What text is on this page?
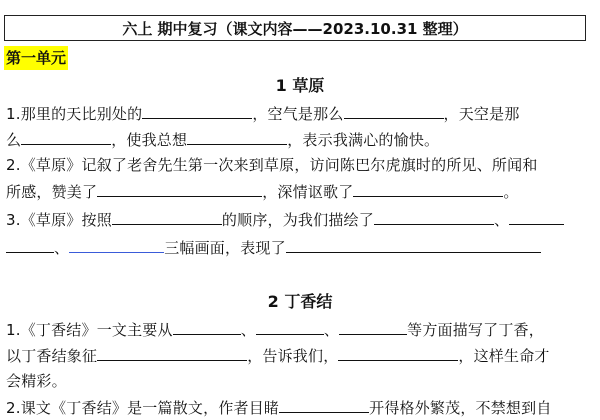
六上 期中复习（课文内容——2023.10.31 整理）
第一单元
1 草原
1.那里的天比别处的	，空气是那么	，天空是那
么	，使我总想	，表示我满心的愉快。
2.《草原》记叙了老舍先生第一次来到草原，访问陈巴尔虎旗时的所见、所闻和
所感，赞美了	，深情讴歌了	。
3.《草原》按照	的顺序，为我们描绘了	、
、	三幅画面，表现了
2 丁香结
1.《丁香结》一文主要从	、	、	等方面描写了丁香，
以丁香结象征	，告诉我们，	，这样生命才
会精彩。
2.课文《丁香结》是一篇散文，作者目睹	开得格外繁茂，不禁想到自
